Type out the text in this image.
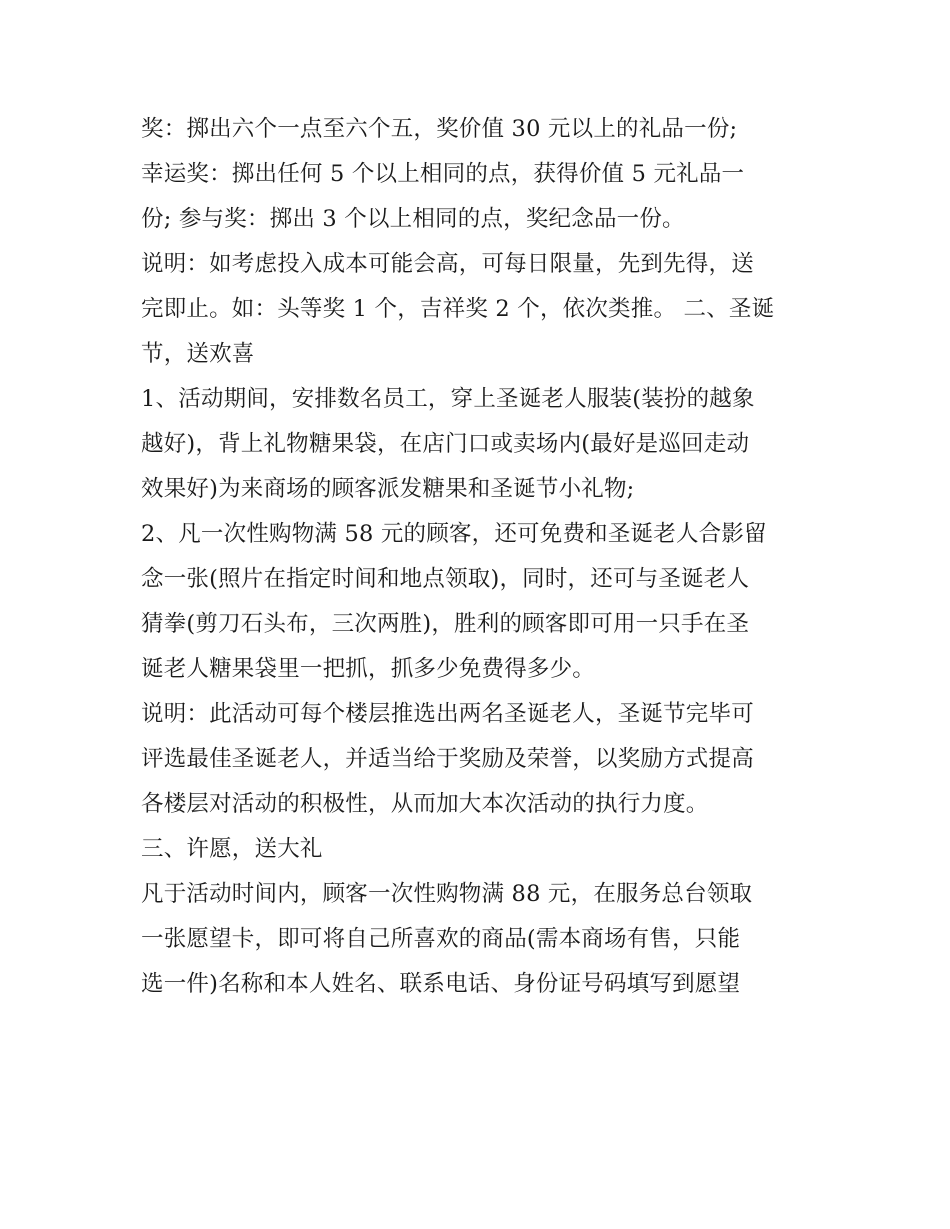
奖：掷出六个一点至六个五，奖价值 30 元以上的礼品一份;
幸运奖：掷出任何 5 个以上相同的点，获得价值 5 元礼品一
份; 参与奖：掷出 3 个以上相同的点，奖纪念品一份。

说明：如考虑投入成本可能会高，可每日限量，先到先得，送
完即止。如：头等奖 1 个，吉祥奖 2 个，依次类推。 二、圣诞
节，送欢喜

1、活动期间，安排数名员工，穿上圣诞老人服装(装扮的越象
越好)，背上礼物糖果袋，在店门口或卖场内(最好是巡回走动
效果好)为来商场的顾客派发糖果和圣诞节小礼物;

2、凡一次性购物满 58 元的顾客，还可免费和圣诞老人合影留
念一张(照片在指定时间和地点领取)，同时，还可与圣诞老人
猜拳(剪刀石头布，三次两胜)，胜利的顾客即可用一只手在圣
诞老人糖果袋里一把抓，抓多少免费得多少。

说明：此活动可每个楼层推选出两名圣诞老人，圣诞节完毕可
评选最佳圣诞老人，并适当给于奖励及荣誉，以奖励方式提高
各楼层对活动的积极性，从而加大本次活动的执行力度。

三、许愿，送大礼

凡于活动时间内，顾客一次性购物满 88 元，在服务总台领取
一张愿望卡，即可将自己所喜欢的商品(需本商场有售，只能
选一件)名称和本人姓名、联系电话、身份证号码填写到愿望
